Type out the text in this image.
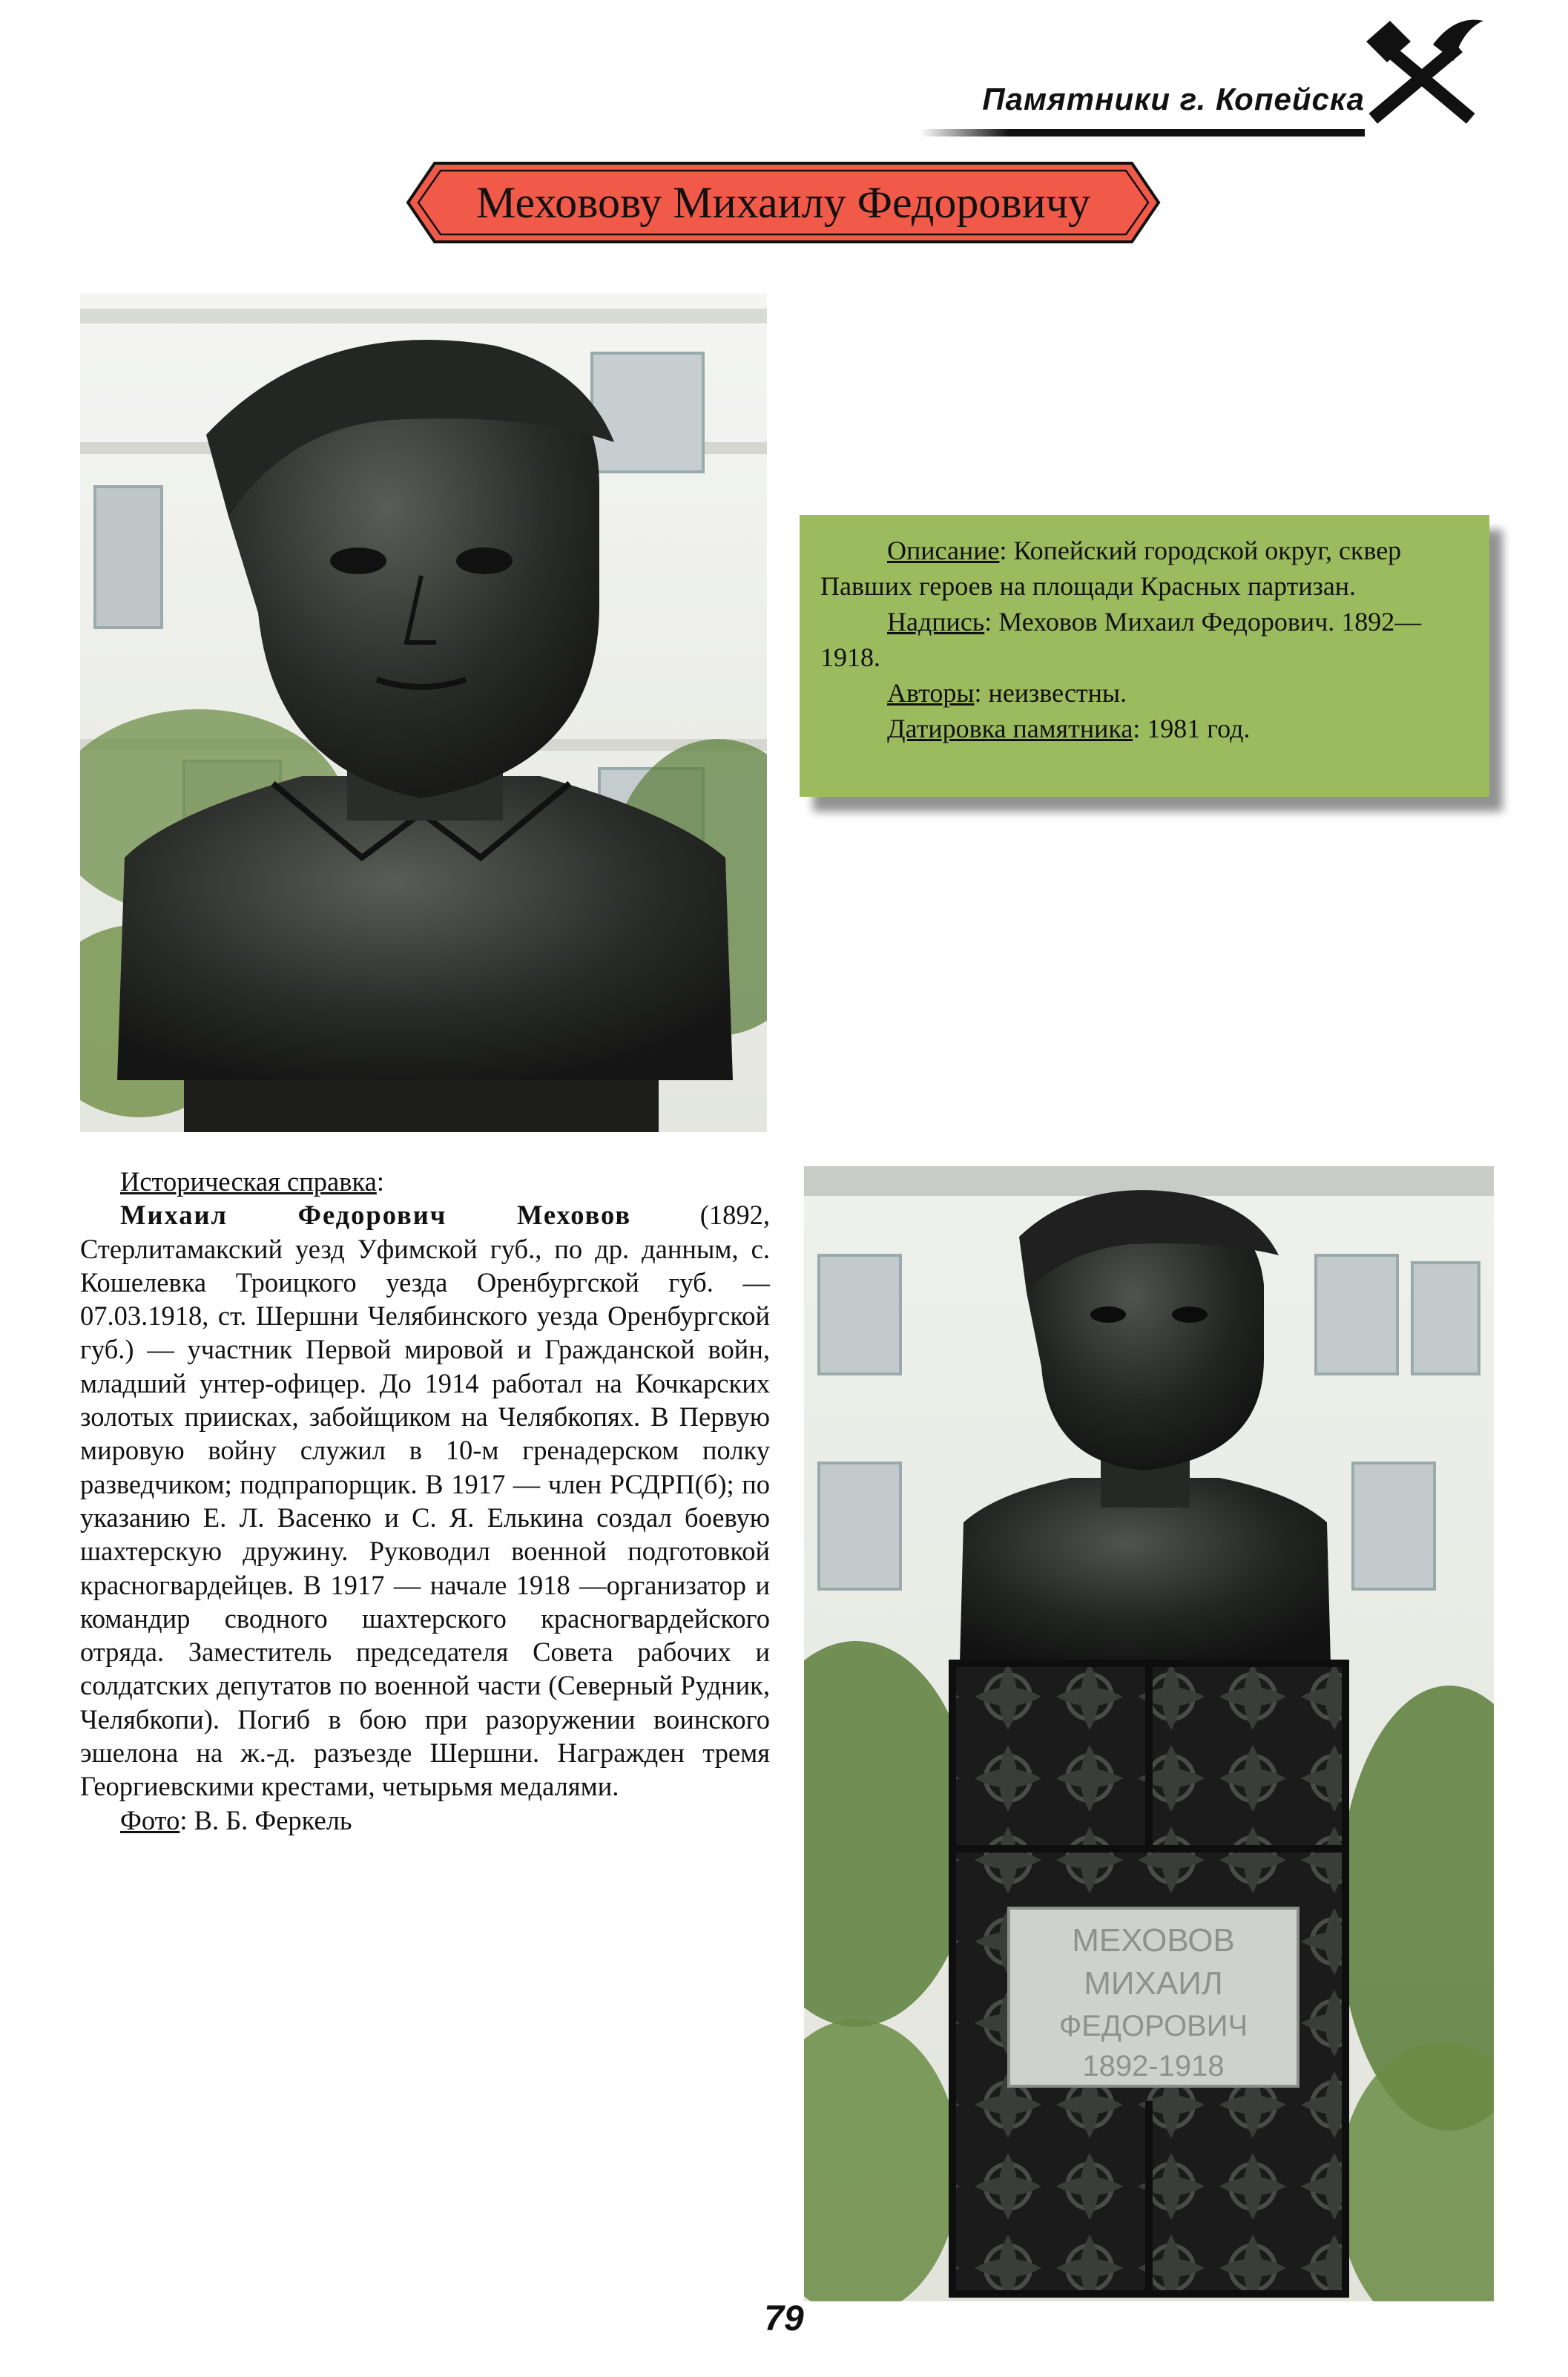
Памятники г. Копейска
Меховову Михаилу Федоровичу

Описание: Копейский городской округ, сквер Павших героев на площади Красных партизан.

Надпись: Меховов Михаил Федорович. 1892—1918.

Авторы: неизвестны.

Датировка памятника: 1981 год.

Историческая справка:

Михаил Федорович Меховов (1892, Стерлитамакский уезд Уфимской губ., по др. данным, с. Кошелевка Троицкого уезда Оренбургской губ. — 07.03.1918, ст. Шершни Челябинского уезда Оренбургской губ.) — участник Первой мировой и Гражданской войн, младший унтер-офицер. До 1914 работал на Кочкарских золотых приисках, забойщиком на Челябкопях. В Первую мировую войну служил в 10-м гренадерском полку разведчиком; подпрапорщик. В 1917 — член РСДРП(б); по указанию Е. Л. Васенко и С. Я. Елькина создал боевую шахтерскую дружину. Руководил военной подготовкой красногвардейцев. В 1917 — начале 1918 —организатор и командир сводного шахтерского красногвардейского отряда. Заместитель председателя Совета рабочих и солдатских депутатов по военной части (Северный Рудник, Челябкопи). Погиб в бою при разоружении воинского эшелона на ж.-д. разъезде Шершни. Награжден тремя Георгиевскими крестами, четырьмя медалями.

Фото: В. Б. Феркель

МЕХОВОВ
МИХАИЛ
ФЕДОРОВИЧ
1892-1918
79
